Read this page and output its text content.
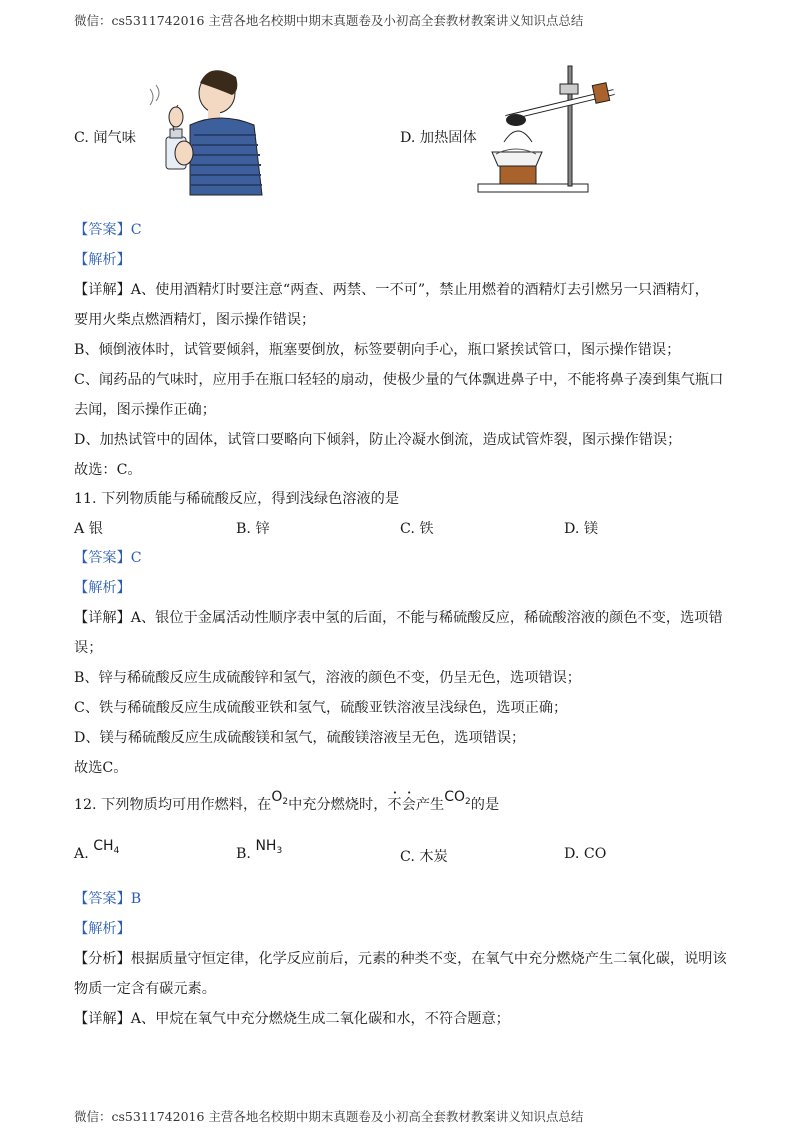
微信：cs5311742016 主营各地名校期中期末真题卷及小初高全套教材教案讲义知识点总结
C. 闻气味	D. 加热固体
【答案】C
【解析】
【详解】A、使用酒精灯时要注意“两查、两禁、一不可”，禁止用燃着的酒精灯去引燃另一只酒精灯，
要用火柴点燃酒精灯，图示操作错误；
B、倾倒液体时，试管要倾斜，瓶塞要倒放，标签要朝向手心，瓶口紧挨试管口，图示操作错误；
C、闻药品的气味时，应用手在瓶口轻轻的扇动，使极少量的气体飘进鼻子中，不能将鼻子凑到集气瓶口
去闻，图示操作正确；
D、加热试管中的固体，试管口要略向下倾斜，防止冷凝水倒流，造成试管炸裂，图示操作错误；
故选：C。
11. 下列物质能与稀硫酸反应，得到浅绿色溶液的是
A 银	B. 锌	C. 铁	D. 镁
【答案】C
【解析】
【详解】A、银位于金属活动性顺序表中氢的后面，不能与稀硫酸反应，稀硫酸溶液的颜色不变，选项错
误；
B、锌与稀硫酸反应生成硫酸锌和氢气，溶液的颜色不变，仍呈无色，选项错误；
C、铁与稀硫酸反应生成硫酸亚铁和氢气，硫酸亚铁溶液呈浅绿色，选项正确；
D、镁与稀硫酸反应生成硫酸镁和氢气，硫酸镁溶液呈无色，选项错误；
故选C。
12. 下列物质均可用作燃料，在$O_2$中充分燃烧时，不会产生$CO_2$的是
A. $CH_4$	B. $NH_3$	C. 木炭	D. CO
【答案】B
【解析】
【分析】根据质量守恒定律，化学反应前后，元素的种类不变，在氧气中充分燃烧产生二氧化碳，说明该
物质一定含有碳元素。
【详解】A、甲烷在氧气中充分燃烧生成二氧化碳和水，不符合题意；
微信：cs5311742016 主营各地名校期中期末真题卷及小初高全套教材教案讲义知识点总结
